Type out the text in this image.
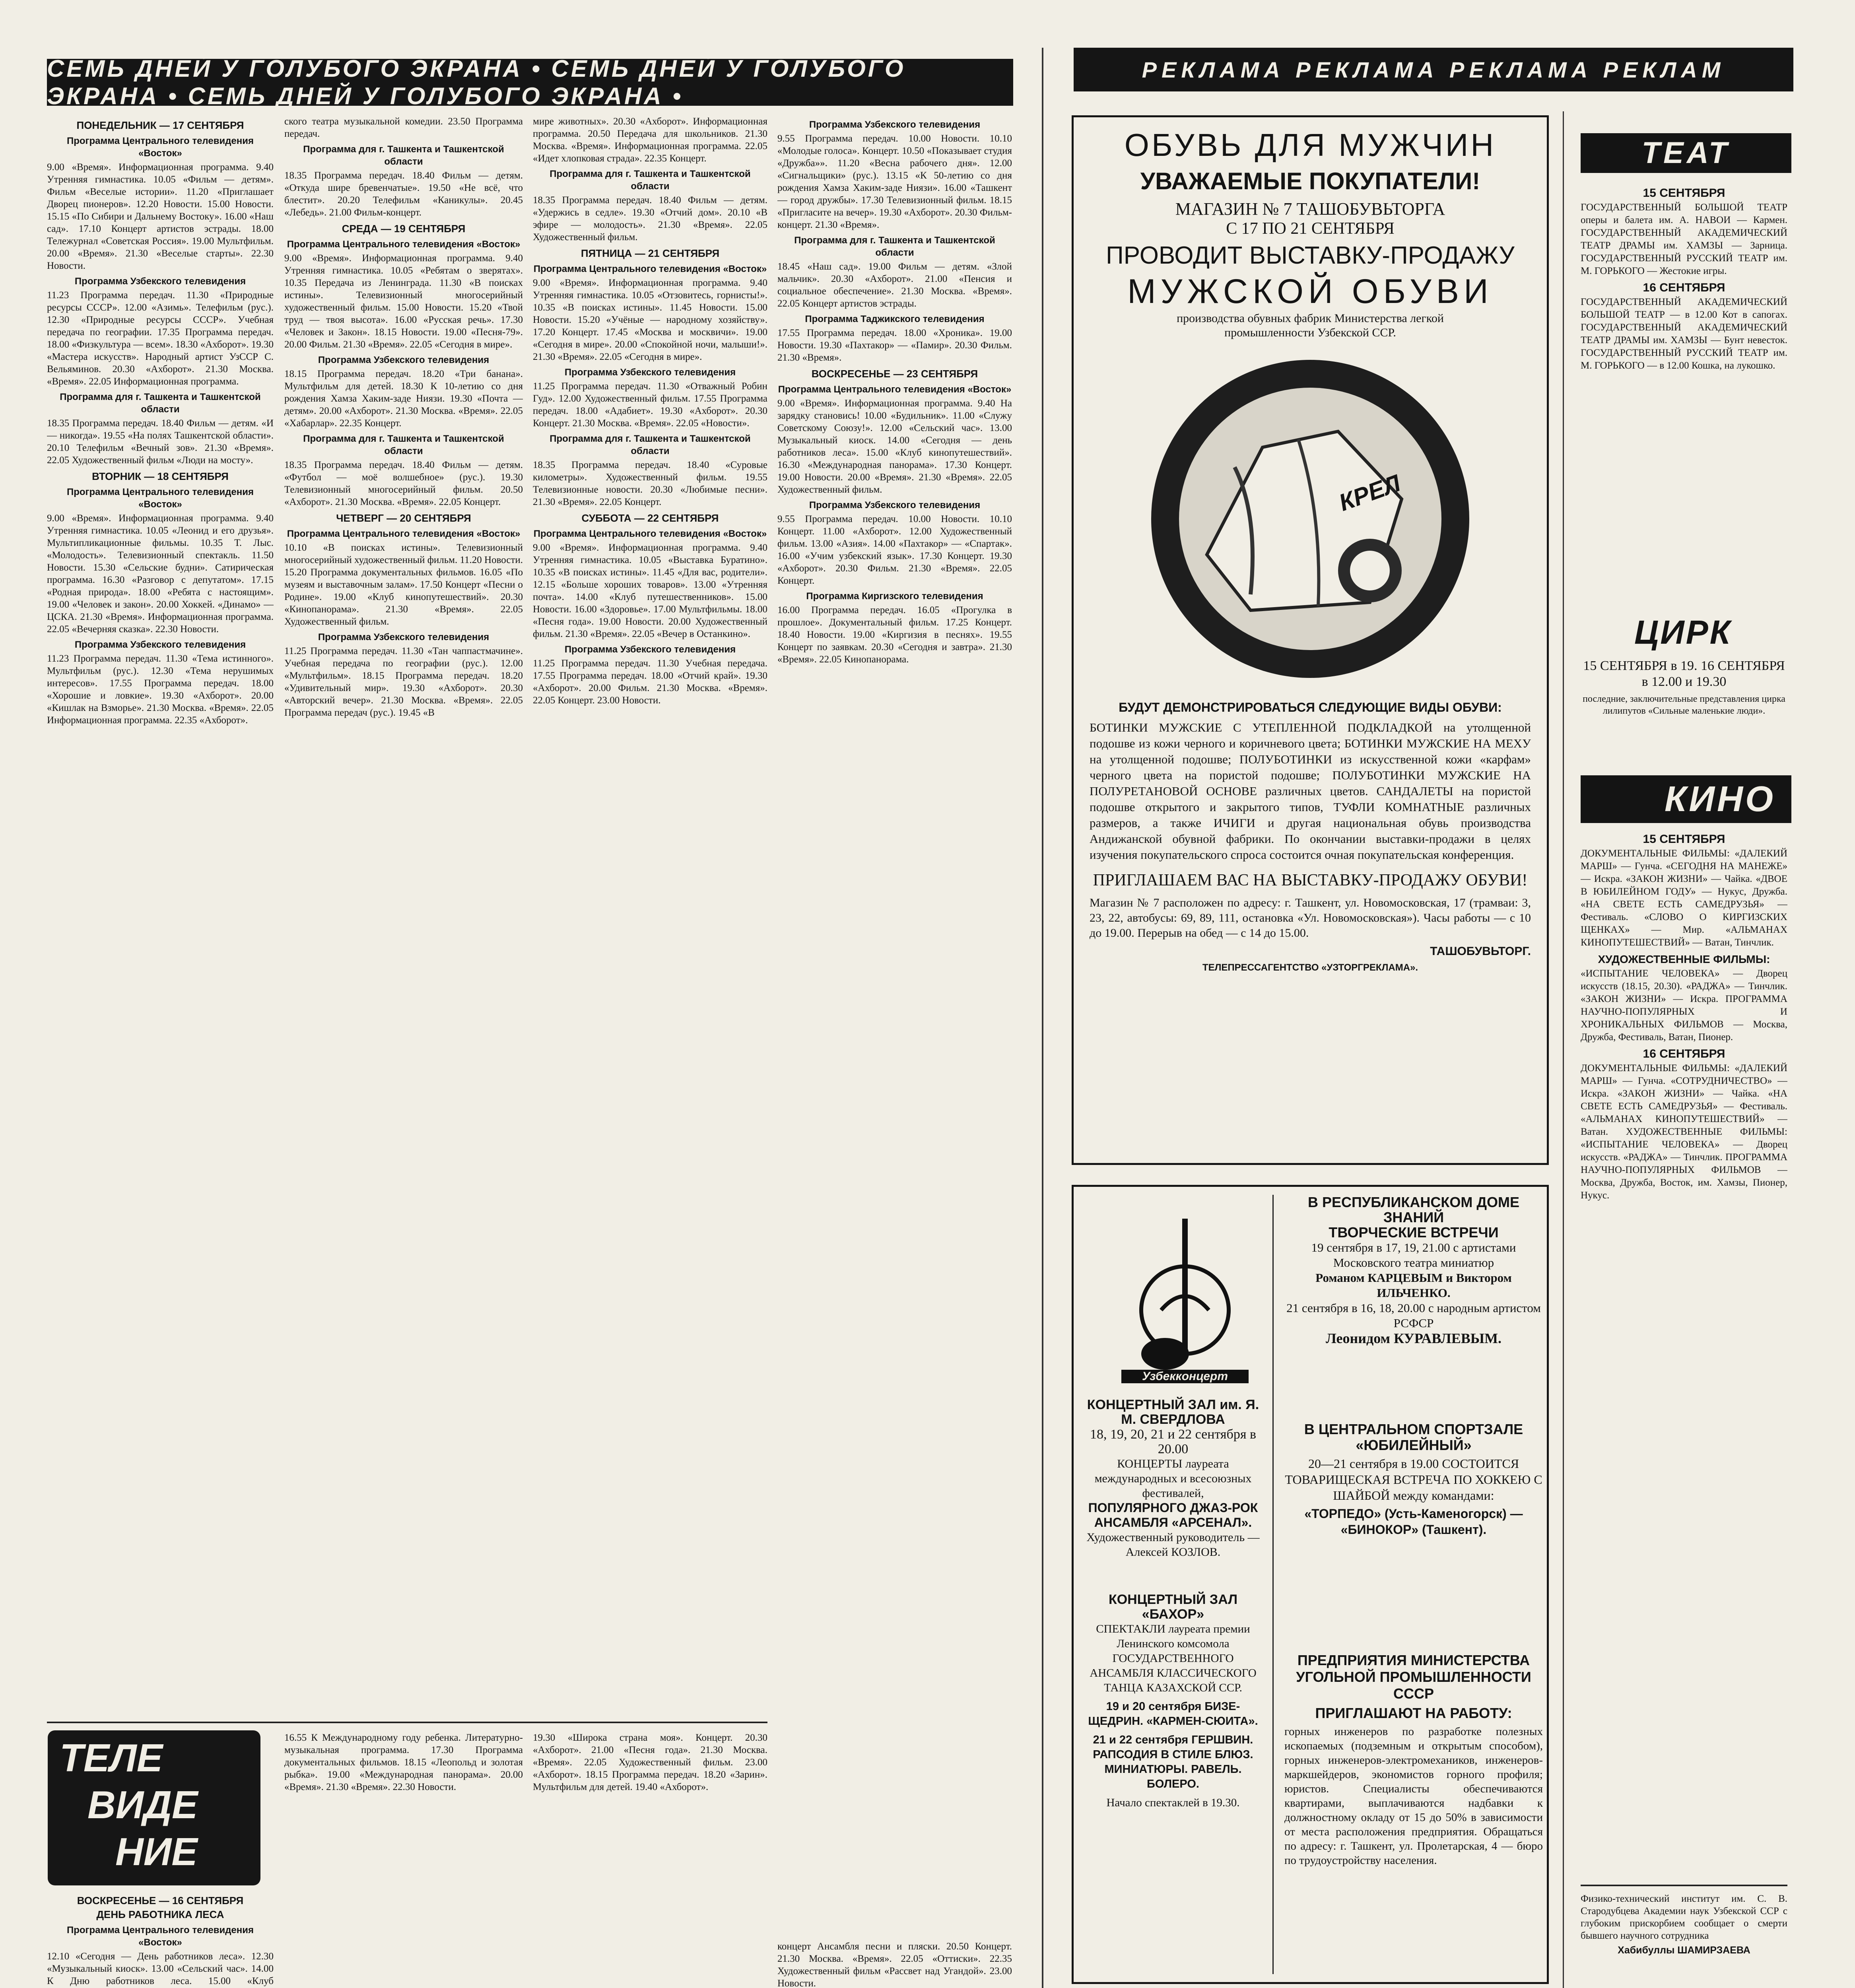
СЕМЬ ДНЕЙ У ГОЛУБОГО ЭКРАНА • СЕМЬ ДНЕЙ У ГОЛУБОГО ЭКРАНА • СЕМЬ ДНЕЙ У ГОЛУБОГО ЭКРАНА •
РЕКЛАМА РЕКЛАМА РЕКЛАМА РЕКЛАМ
ПОНЕДЕЛЬНИК — 17 СЕНТЯБРЯ
Программа Центрального телевидения «Восток»
9.00 «Время». Информационная программа. 9.40 Утренняя гимнастика. 10.05 «Фильм — детям». Фильм «Веселые истории». 11.20 «Приглашает Дворец пионеров». 12.20 Новости. 15.00 Новости. 15.15 «По Сибири и Дальнему Востоку». 16.00 «Наш сад». 17.10 Концерт артистов эстрады. 18.00 Тележурнал «Советская Россия». 19.00 Мультфильм. 20.00 «Время». 21.30 «Веселые старты». 22.30 Новости.
Программа Узбекского телевидения
11.23 Программа передач. 11.30 «Природные ресурсы СССР». 12.00 «Азимь». Телефильм (рус.). 12.30 «Природные ресурсы СССР». Учебная передача по географии. 17.35 Программа передач. 18.00 «Физкультура — всем». 18.30 «Ахборот». 19.30 «Мастера искусств». Народный артист УзССР С. Вельяминов. 20.30 «Ахборот». 21.30 Москва. «Время». 22.05 Информационная программа.
Программа для г. Ташкента и Ташкентской области
18.35 Программа передач. 18.40 Фильм — детям. «И — никогда». 19.55 «На полях Ташкентской области». 20.10 Телефильм «Вечный зов». 21.30 «Время». 22.05 Художественный фильм «Люди на мосту».
ВТОРНИК — 18 СЕНТЯБРЯ
Программа Центрального телевидения «Восток»
9.00 «Время». Информационная программа. 9.40 Утренняя гимнастика. 10.05 «Леонид и его друзья». Мультипликационные фильмы. 10.35 Т. Лыс. «Молодость». Телевизионный спектакль. 11.50 Новости. 15.30 «Сельские будни». Сатирическая программа. 16.30 «Разговор с депутатом». 17.15 «Родная природа». 18.00 «Ребята с настоящим». 19.00 «Человек и закон». 20.00 Хоккей. «Динамо» — ЦСКА. 21.30 «Время». Информационная программа. 22.05 «Вечерняя сказка». 22.30 Новости.
Программа Узбекского телевидения
11.23 Программа передач. 11.30 «Тема истинного». Мультфильм (рус.). 12.30 «Тема нерушимых интересов». 17.55 Программа передач. 18.00 «Хорошие и ловкие». 19.30 «Ахборот». 20.00 «Кишлак на Взморье». 21.30 Москва. «Время». 22.05 Информационная программа. 22.35 «Ахборот».
ского театра музыкальной комедии. 23.50 Программа передач.
Программа для г. Ташкента и Ташкентской области
18.35 Программа передач. 18.40 Фильм — детям. «Откуда шире бревенчатые». 19.50 «Не всё, что блестит». 20.20 Телефильм «Каникулы». 20.45 «Лебедь». 21.00 Фильм-концерт.
СРЕДА — 19 СЕНТЯБРЯ
Программа Центрального телевидения «Восток»
9.00 «Время». Информационная программа. 9.40 Утренняя гимнастика. 10.05 «Ребятам о зверятах». 10.35 Передача из Ленинграда. 11.30 «В поисках истины». Телевизионный многосерийный художественный фильм. 15.00 Новости. 15.20 «Твой труд — твоя высота». 16.00 «Русская речь». 17.30 «Человек и Закон». 18.15 Новости. 19.00 «Песня-79». 20.00 Фильм. 21.30 «Время». 22.05 «Сегодня в мире».
Программа Узбекского телевидения
18.15 Программа передач. 18.20 «Три банана». Мультфильм для детей. 18.30 К 10-летию со дня рождения Хамза Хаким-заде Ниязи. 19.30 «Почта — детям». 20.00 «Ахборот». 21.30 Москва. «Время». 22.05 «Хабарлар». 22.35 Концерт.
Программа для г. Ташкента и Ташкентской области
18.35 Программа передач. 18.40 Фильм — детям. «Футбол — моё волшебное» (рус.). 19.30 Телевизионный многосерийный фильм. 20.50 «Ахборот». 21.30 Москва. «Время». 22.05 Концерт.
ЧЕТВЕРГ — 20 СЕНТЯБРЯ
Программа Центрального телевидения «Восток»
10.10 «В поисках истины». Телевизионный многосерийный художественный фильм. 11.20 Новости. 15.20 Программа документальных фильмов. 16.05 «По музеям и выставочным залам». 17.50 Концерт «Песни о Родине». 19.00 «Клуб кинопутешествий». 20.30 «Кинопанорама». 21.30 «Время». 22.05 Художественный фильм.
Программа Узбекского телевидения
11.25 Программа передач. 11.30 «Тан чаппастмачине». Учебная передача по географии (рус.). 12.00 «Мультфильм». 18.15 Программа передач. 18.20 «Удивительный мир». 19.30 «Ахборот». 20.30 «Авторский вечер». 21.30 Москва. «Время». 22.05 Программа передач (рус.). 19.45 «В
мире животных». 20.30 «Ахборот». Информационная программа. 20.50 Передача для школьников. 21.30 Москва. «Время». Информационная программа. 22.05 «Идет хлопковая страда». 22.35 Концерт.
Программа для г. Ташкента и Ташкентской области
18.35 Программа передач. 18.40 Фильм — детям. «Удержись в седле». 19.30 «Отчий дом». 20.10 «В эфире — молодость». 21.30 «Время». 22.05 Художественный фильм.
ПЯТНИЦА — 21 СЕНТЯБРЯ
Программа Центрального телевидения «Восток»
9.00 «Время». Информационная программа. 9.40 Утренняя гимнастика. 10.05 «Отзовитесь, горнисты!». 10.35 «В поисках истины». 11.45 Новости. 15.00 Новости. 15.20 «Учёные — народному хозяйству». 17.20 Концерт. 17.45 «Москва и москвичи». 19.00 «Сегодня в мире». 20.00 «Спокойной ночи, малыши!». 21.30 «Время». 22.05 «Сегодня в мире».
Программа Узбекского телевидения
11.25 Программа передач. 11.30 «Отважный Робин Гуд». 12.00 Художественный фильм. 17.55 Программа передач. 18.00 «Адабиет». 19.30 «Ахборот». 20.30 Концерт. 21.30 Москва. «Время». 22.05 «Новости».
Программа для г. Ташкента и Ташкентской области
18.35 Программа передач. 18.40 «Суровые километры». Художественный фильм. 19.55 Телевизионные новости. 20.30 «Любимые песни». 21.30 «Время». 22.05 Концерт.
СУББОТА — 22 СЕНТЯБРЯ
Программа Центрального телевидения «Восток»
9.00 «Время». Информационная программа. 9.40 Утренняя гимнастика. 10.05 «Выставка Буратино». 10.35 «В поисках истины». 11.45 «Для вас, родители». 12.15 «Больше хороших товаров». 13.00 «Утренняя почта». 14.00 «Клуб путешественников». 15.00 Новости. 16.00 «Здоровье». 17.00 Мультфильмы. 18.00 «Песня года». 19.00 Новости. 20.00 Художественный фильм. 21.30 «Время». 22.05 «Вечер в Останкино».
Программа Узбекского телевидения
11.25 Программа передач. 11.30 Учебная передача. 17.55 Программа передач. 18.00 «Отчий край». 19.30 «Ахборот». 20.00 Фильм. 21.30 Москва. «Время». 22.05 Концерт. 23.00 Новости.
Программа Узбекского телевидения
9.55 Программа передач. 10.00 Новости. 10.10 «Молодые голоса». Концерт. 10.50 «Показывает студия «Дружба»». 11.20 «Весна рабочего дня». 12.00 «Сигнальщики» (рус.). 13.15 «К 50-летию со дня рождения Хамза Хаким-заде Ниязи». 16.00 «Ташкент — город дружбы». 17.30 Телевизионный фильм. 18.15 «Пригласите на вечер». 19.30 «Ахборот». 20.30 Фильм-концерт. 21.30 «Время».
Программа для г. Ташкента и Ташкентской области
18.45 «Наш сад». 19.00 Фильм — детям. «Злой мальчик». 20.30 «Ахборот». 21.00 «Пенсия и социальное обеспечение». 21.30 Москва. «Время». 22.05 Концерт артистов эстрады.
Программа Таджикского телевидения
17.55 Программа передач. 18.00 «Хроника». 19.00 Новости. 19.30 «Пахтакор» — «Памир». 20.30 Фильм. 21.30 «Время».
ВОСКРЕСЕНЬЕ — 23 СЕНТЯБРЯ
Программа Центрального телевидения «Восток»
9.00 «Время». Информационная программа. 9.40 На зарядку становись! 10.00 «Будильник». 11.00 «Служу Советскому Союзу!». 12.00 «Сельский час». 13.00 Музыкальный киоск. 14.00 «Сегодня — день работников леса». 15.00 «Клуб кинопутешествий». 16.30 «Международная панорама». 17.30 Концерт. 19.00 Новости. 20.00 «Время». 21.30 «Время». 22.05 Художественный фильм.
Программа Узбекского телевидения
9.55 Программа передач. 10.00 Новости. 10.10 Концерт. 11.00 «Ахборот». 12.00 Художественный фильм. 13.00 «Азия». 14.00 «Пахтакор» — «Спартак». 16.00 «Учим узбекский язык». 17.30 Концерт. 19.30 «Ахборот». 20.30 Фильм. 21.30 «Время». 22.05 Концерт.
Программа Киргизского телевидения
16.00 Программа передач. 16.05 «Прогулка в прошлое». Документальный фильм. 17.25 Концерт. 18.40 Новости. 19.00 «Киргизия в песнях». 19.55 Концерт по заявкам. 20.30 «Сегодня и завтра». 21.30 «Время». 22.05 Кинопанорама.
ТЕЛЕ
ВИДЕ
НИЕ
ВОСКРЕСЕНЬЕ — 16 СЕНТЯБРЯ
ДЕНЬ РАБОТНИКА ЛЕСА
Программа Центрального телевидения «Восток»
12.10 «Сегодня — День работников леса». 12.30 «Музыкальный киоск». 13.00 «Сельский час». 14.00 К Дню работников леса. 15.00 «Клуб
16.55 К Международному году ребенка. Литературно-музыкальная программа. 17.30 Программа документальных фильмов. 18.15 «Леопольд и золотая рыбка». 19.00 «Международная панорама». 20.00 «Время». 21.30 «Время». 22.30 Новости.
19.30 «Широка страна моя». Концерт. 20.30 «Ахборот». 21.00 «Песня года». 21.30 Москва. «Время». 22.05 Художественный фильм. 23.00 «Ахборот». 18.15 Программа передач. 18.20 «Зарин». Мультфильм для детей. 19.40 «Ахборот».
концерт Ансамбля песни и пляски. 20.50 Концерт. 21.30 Москва. «Время». 22.05 «Оттиски». 22.35 Художественный фильм «Рассвет над Угандой». 23.00 Новости.
ОБУВЬ ДЛЯ МУЖЧИН
УВАЖАЕМЫЕ ПОКУПАТЕЛИ!
МАГАЗИН № 7 ТАШОБУВЬТОРГА
С 17 ПО 21 СЕНТЯБРЯ
ПРОВОДИТ ВЫСТАВКУ-ПРОДАЖУ
МУЖСКОЙ ОБУВИ
производства обувных фабрик Министерства легкой промышленности Узбекской ССР.
КРЕЛ
БУДУТ ДЕМОНСТРИРОВАТЬСЯ СЛЕДУЮЩИЕ ВИДЫ ОБУВИ:
БОТИНКИ МУЖСКИЕ С УТЕПЛЕННОЙ ПОДКЛАДКОЙ на утолщенной подошве из кожи черного и коричневого цвета; БОТИНКИ МУЖСКИЕ НА МЕХУ на утолщенной подошве; ПОЛУБОТИНКИ из искусственной кожи «карфам» черного цвета на пористой подошве; ПОЛУБОТИНКИ МУЖСКИЕ НА ПОЛУРЕТАНОВОЙ ОСНОВЕ различных цветов. САНДАЛЕТЫ на пористой подошве открытого и закрытого типов, ТУФЛИ КОМНАТНЫЕ различных размеров, а также ИЧИГИ и другая национальная обувь производства Андижанской обувной фабрики. По окончании выставки-продажи в целях изучения покупательского спроса состоится очная покупательская конференция.
ПРИГЛАШАЕМ ВАС НА ВЫСТАВКУ-ПРОДАЖУ ОБУВИ!
Магазин № 7 расположен по адресу: г. Ташкент, ул. Новомосковская, 17 (трамваи: 3, 23, 22, автобусы: 69, 89, 111, остановка «Ул. Новомосковская»). Часы работы — с 10 до 19.00. Перерыв на обед — с 14 до 15.00.
ТАШОБУВЬТОРГ.
ТЕЛЕПРЕССАГЕНТСТВО «УЗТОРГРЕКЛАМА».
Узбекконцерт
В РЕСПУБЛИКАНСКОМ ДОМЕ ЗНАНИЙ
ТВОРЧЕСКИЕ ВСТРЕЧИ
19 сентября в 17, 19, 21.00 с артистами Московского театра миниатюр
Романом КАРЦЕВЫМ и Виктором ИЛЬЧЕНКО.
21 сентября в 16, 18, 20.00 с народным артистом РСФСР
Леонидом КУРАВЛЕВЫМ.
КОНЦЕРТНЫЙ ЗАЛ им. Я. М. СВЕРДЛОВА
18, 19, 20, 21 и 22 сентября в 20.00
КОНЦЕРТЫ лауреата международных и всесоюзных фестивалей,
ПОПУЛЯРНОГО ДЖАЗ-РОК АНСАМБЛЯ «АРСЕНАЛ».
Художественный руководитель — Алексей КОЗЛОВ.
В ЦЕНТРАЛЬНОМ СПОРТЗАЛЕ «ЮБИЛЕЙНЫЙ»
20—21 сентября в 19.00 СОСТОИТСЯ ТОВАРИЩЕСКАЯ ВСТРЕЧА ПО ХОККЕЮ С ШАЙБОЙ между командами:
«ТОРПЕДО» (Усть-Каменогорск) — «БИНОКОР» (Ташкент).
КОНЦЕРТНЫЙ ЗАЛ «БАХОР»
СПЕКТАКЛИ лауреата премии Ленинского комсомола ГОСУДАРСТВЕННОГО АНСАМБЛЯ КЛАССИЧЕСКОГО ТАНЦА КАЗАХСКОЙ ССР.
19 и 20 сентября БИЗЕ-ЩЕДРИН. «КАРМЕН-СЮИТА».
21 и 22 сентября ГЕРШВИН. РАПСОДИЯ В СТИЛЕ БЛЮЗ. МИНИАТЮРЫ. РАВЕЛЬ. БОЛЕРО.
Начало спектаклей в 19.30.
ПРЕДПРИЯТИЯ МИНИСТЕРСТВА УГОЛЬНОЙ ПРОМЫШЛЕННОСТИ СССР
ПРИГЛАШАЮТ НА РАБОТУ:
горных инженеров по разработке полезных ископаемых (подземным и открытым способом), горных инженеров-электромехаников, инженеров-маркшейдеров, экономистов горного профиля; юристов. Специалисты обеспечиваются квартирами, выплачиваются надбавки к должностному окладу от 15 до 50% в зависимости от места расположения предприятия. Обращаться по адресу: г. Ташкент, ул. Пролетарская, 4 — бюро по трудоустройству населения.
ТЕАТ
15 СЕНТЯБРЯ
ГОСУДАРСТВЕННЫЙ БОЛЬШОЙ ТЕАТР оперы и балета им. А. НАВОИ — Кармен. ГОСУДАРСТВЕННЫЙ АКАДЕМИЧЕСКИЙ ТЕАТР ДРАМЫ им. ХАМЗЫ — Зарница. ГОСУДАРСТВЕННЫЙ РУССКИЙ ТЕАТР им. М. ГОРЬКОГО — Жестокие игры.
16 СЕНТЯБРЯ
ГОСУДАРСТВЕННЫЙ АКАДЕМИЧЕСКИЙ БОЛЬШОЙ ТЕАТР — в 12.00 Кот в сапогах. ГОСУДАРСТВЕННЫЙ АКАДЕМИЧЕСКИЙ ТЕАТР ДРАМЫ им. ХАМЗЫ — Бунт невесток. ГОСУДАРСТВЕННЫЙ РУССКИЙ ТЕАТР им. М. ГОРЬКОГО — в 12.00 Кошка, на лукошко.
ЦИРК
15 СЕНТЯБРЯ в 19. 16 СЕНТЯБРЯ в 12.00 и 19.30
последние, заключительные представления цирка лилипутов «Сильные маленькие люди».
КИНО
15 СЕНТЯБРЯ
ДОКУМЕНТАЛЬНЫЕ ФИЛЬМЫ: «ДАЛЕКИЙ МАРШ» — Гунча. «СЕГОДНЯ НА МАНЕЖЕ» — Искра. «ЗАКОН ЖИЗНИ» — Чайка. «ДВОЕ В ЮБИЛЕЙНОМ ГОДУ» — Нукус, Дружба. «НА СВЕТЕ ЕСТЬ САМЕДРУЗЬЯ» — Фестиваль. «СЛОВО О КИРГИЗСКИХ ЩЕНКАХ» — Мир. «АЛЬМАНАХ КИНОПУТЕШЕСТВИЙ» — Ватан, Тинчлик.
ХУДОЖЕСТВЕННЫЕ ФИЛЬМЫ:
«ИСПЫТАНИЕ ЧЕЛОВЕКА» — Дворец искусств (18.15, 20.30). «РАДЖА» — Тинчлик. «ЗАКОН ЖИЗНИ» — Искра. ПРОГРАММА НАУЧНО-ПОПУЛЯРНЫХ И ХРОНИКАЛЬНЫХ ФИЛЬМОВ — Москва, Дружба, Фестиваль, Ватан, Пионер.
16 СЕНТЯБРЯ
ДОКУМЕНТАЛЬНЫЕ ФИЛЬМЫ: «ДАЛЕКИЙ МАРШ» — Гунча. «СОТРУДНИЧЕСТВО» — Искра. «ЗАКОН ЖИЗНИ» — Чайка. «НА СВЕТЕ ЕСТЬ САМЕДРУЗЬЯ» — Фестиваль. «АЛЬМАНАХ КИНОПУТЕШЕСТВИЙ» — Ватан. ХУДОЖЕСТВЕННЫЕ ФИЛЬМЫ: «ИСПЫТАНИЕ ЧЕЛОВЕКА» — Дворец искусств. «РАДЖА» — Тинчлик. ПРОГРАММА НАУЧНО-ПОПУЛЯРНЫХ ФИЛЬМОВ — Москва, Дружба, Восток, им. Хамзы, Пионер, Нукус.
Физико-технический институт им. С. В. Стародубцева Академии наук Узбекской ССР с глубоким прискорбием сообщает о смерти бывшего научного сотрудника
Хабибуллы ШАМИРЗАЕВА
